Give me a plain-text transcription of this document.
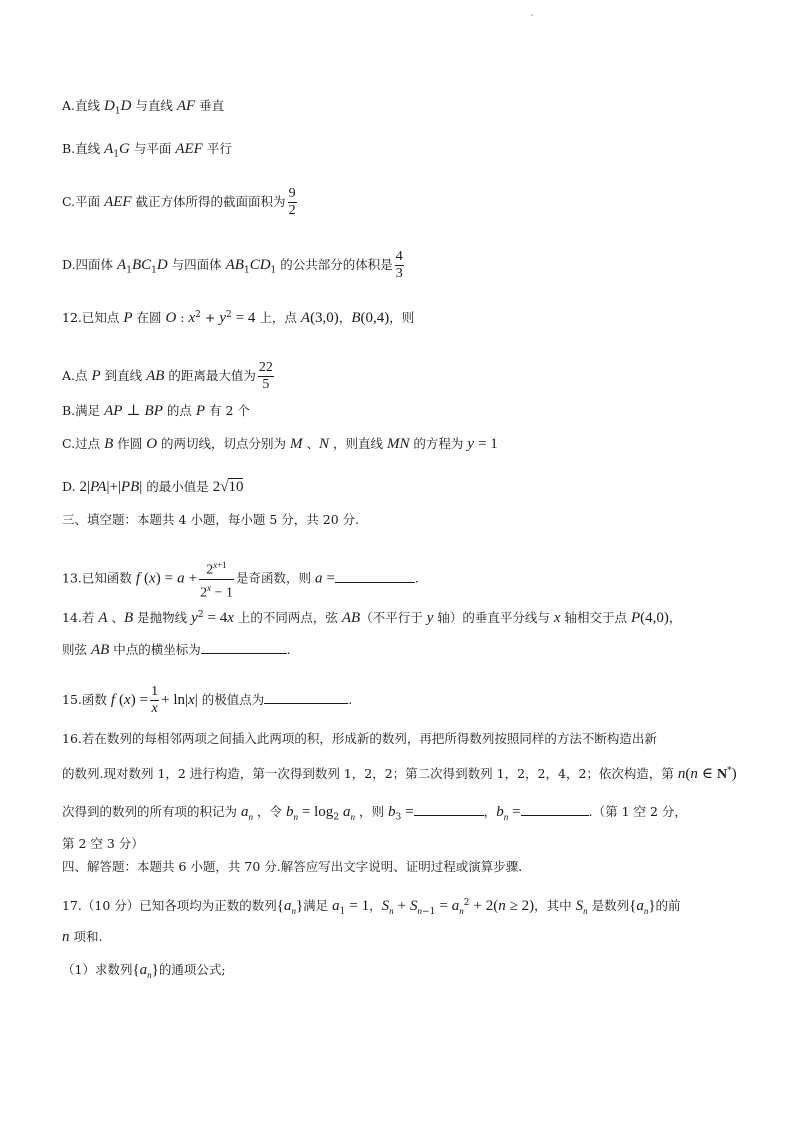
A.直线 $D_1D$ 与直线 AF 垂直
B.直线 $A_1G$ 与平面 AEF 平行
C.平面 AEF 截正方体所得的截面面积为 $\frac{9}{2}$
D.四面体 $A_1BC_1D$ 与四面体 $AB_1CD_1$ 的公共部分的体积是 $\frac{4}{3}$
12.已知点 P 在圆 O : $x^2 + y^2 = 4$ 上，点 A(3,0)，B(0,4)，则
A.点 P 到直线 AB 的距离最大值为 $\frac{22}{5}$
B.满足 AP ⊥ BP 的点 P 有 2 个
C.过点 B 作圆 O 的两切线，切点分别为 M 、N ，则直线 MN 的方程为 y = 1
D. 2|PA|+|PB| 的最小值是 2√10
三、填空题：本题共 4 小题，每小题 5 分，共 20 分.
13.已知函数 f $(x) = a + \frac{2^{x+1}}{2^x - 1}$ 是奇函数，则 a =	.
14.若 A 、B 是抛物线 $y^2 = 4x$ 上的不同两点，弦 AB（不平行于 y 轴）的垂直平分线与 x 轴相交于点 P(4,0)，
则弦 AB 中点的横坐标为	.
15.函数 f $(x) = \frac{1}{x} + \ln|x|$ 的极值点为	.
16.若在数列的每相邻两项之间插入此两项的积，形成新的数列，再把所得数列按照同样的方法不断构造出新
的数列.现对数列 1，2 进行构造，第一次得到数列 1，2，2；第二次得到数列 1，2，2，4，2；依次构造，第 n(n ∈ N*)
次得到的数列的所有项的积记为 $a_n$ ，令 $b_n = \log_2 a_n$ ，则 $b_3$ =	，$b_n$ =	.（第 1 空 2 分，
第 2 空 3 分）
四、解答题：本题共 6 小题，共 70 分.解答应写出文字说明、证明过程或演算步骤.
17.（10 分）已知各项均为正数的数列$\{a_n\}$满足 $a_1 = 1$，$S_n + S_{n-1} = a_n^2 + 2(n \ge 2)$，其中 $S_n$ 是数列$\{a_n\}$的前
n 项和.
（1）求数列$\{a_n\}$的通项公式;
